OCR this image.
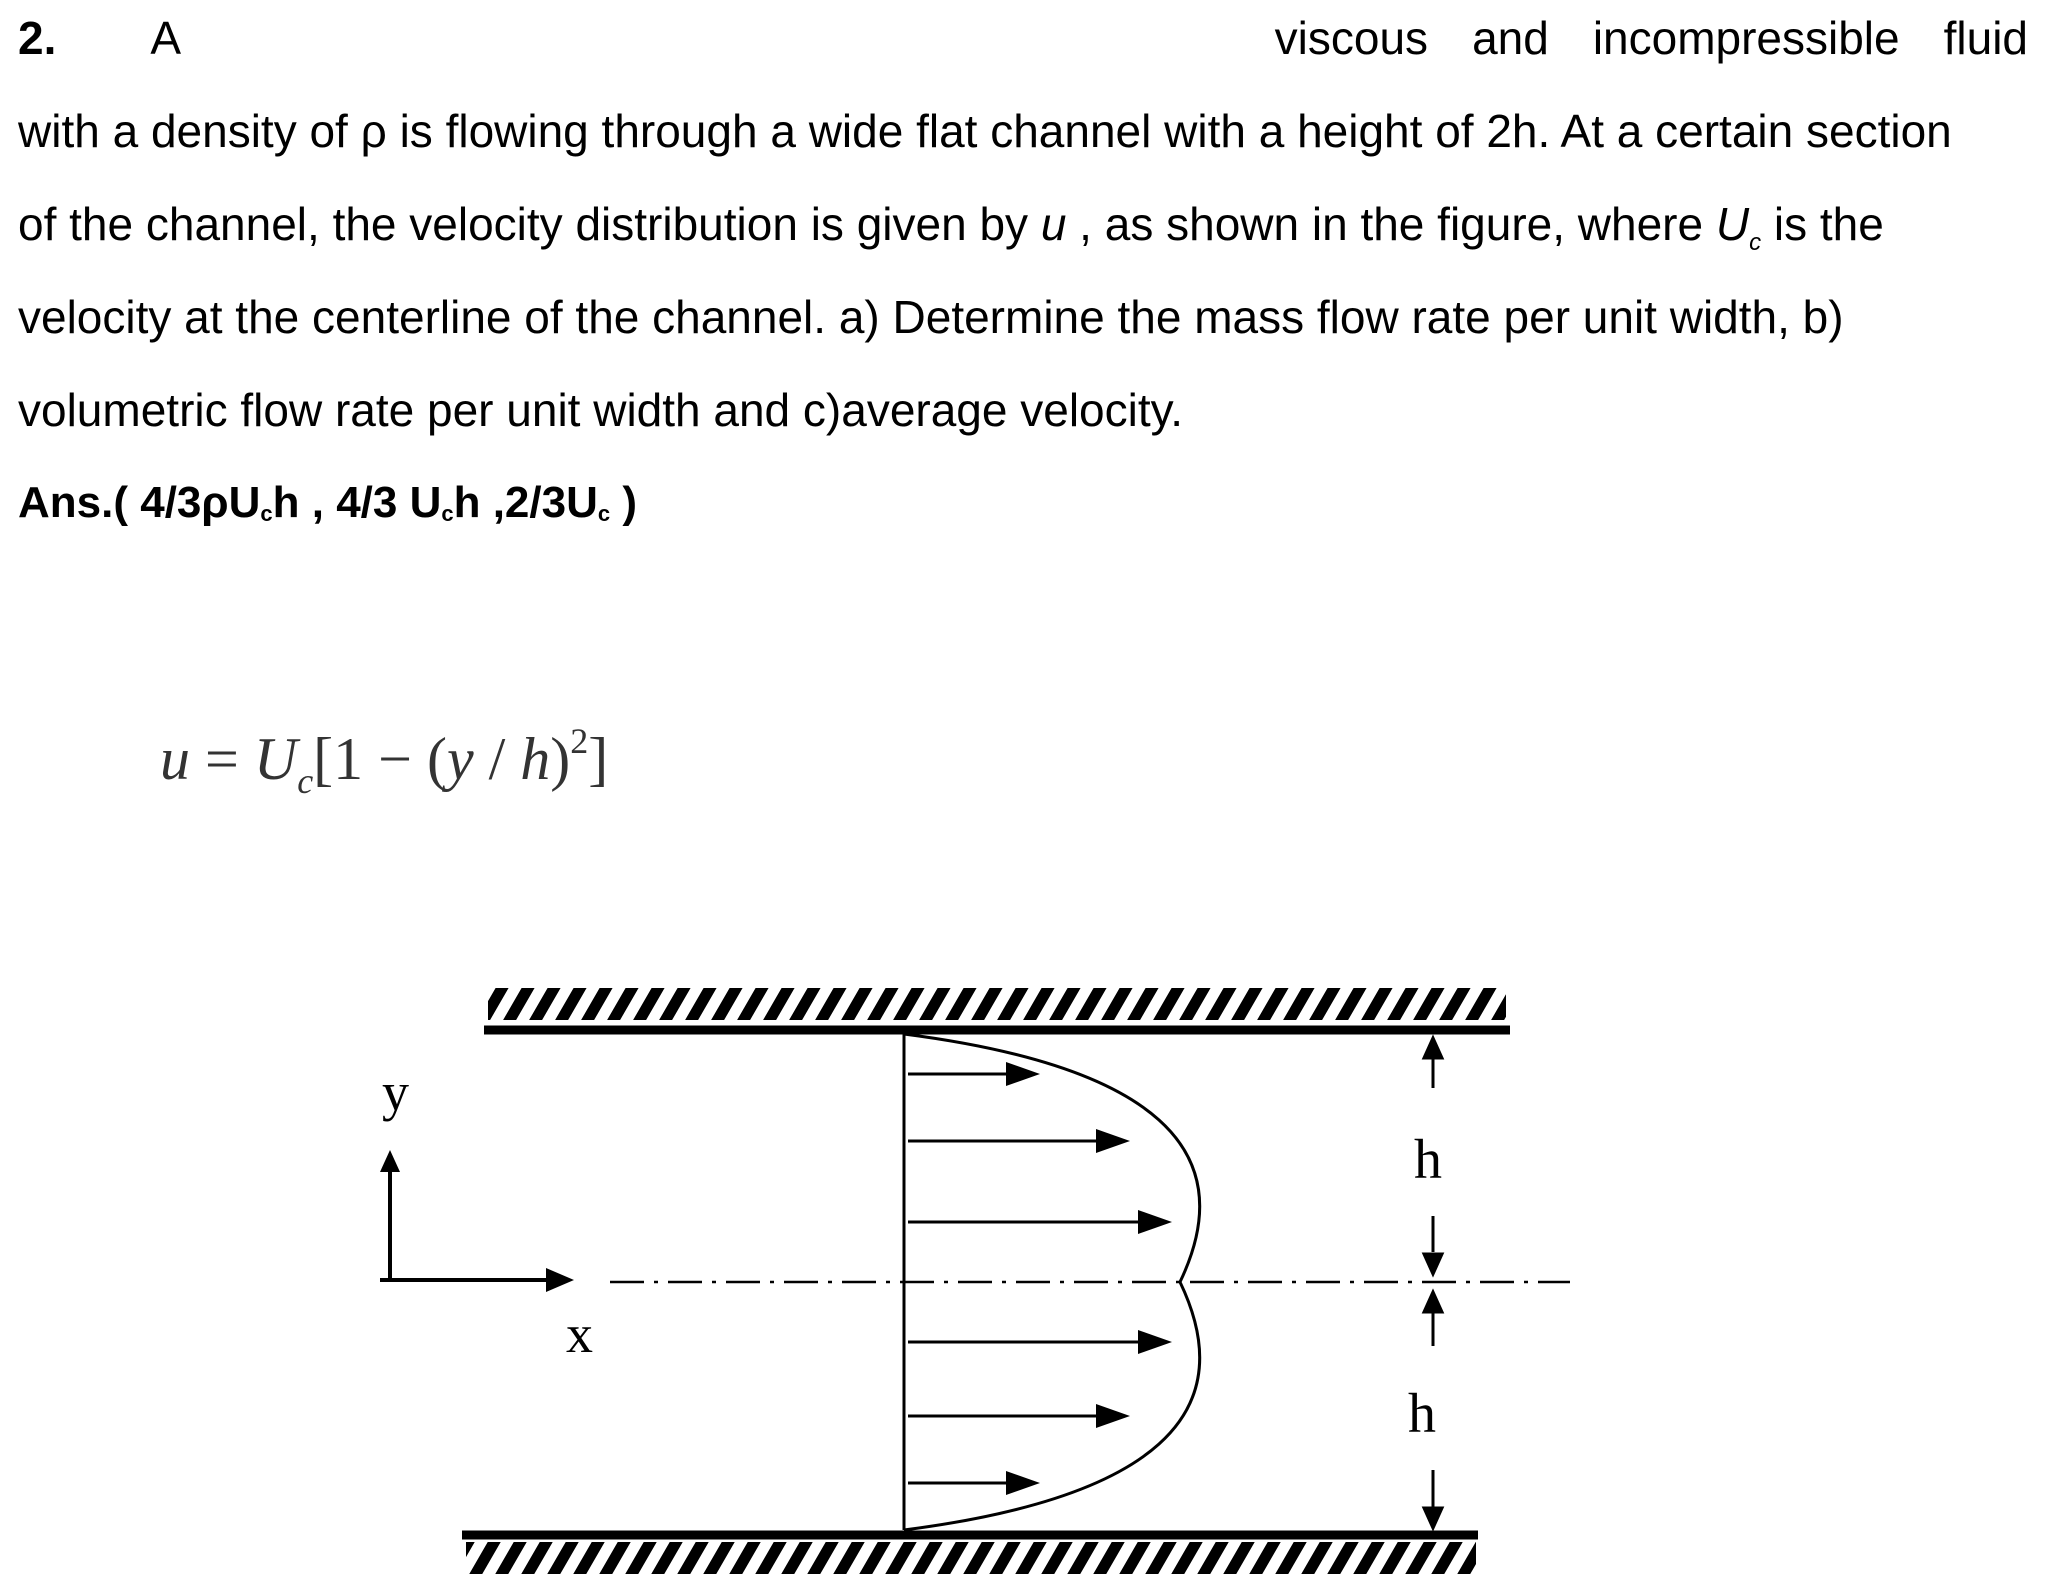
2. A	viscous and incompressible fluid
with a density of ρ is flowing through a wide flat channel with a height of 2h. At a certain section
of the channel, the velocity distribution is given by u , as shown in the figure, where $U_c$ is the
velocity at the centerline of the channel. a) Determine the mass flow rate per unit width, b)
volumetric flow rate per unit width and c)average velocity.
Ans.( $4/3\rho U_ch$ , 4/3 $U_ch$ $,2/3U_c$ )
$u = U_c[1 - (y / h)^2]$
y
x
h
h
